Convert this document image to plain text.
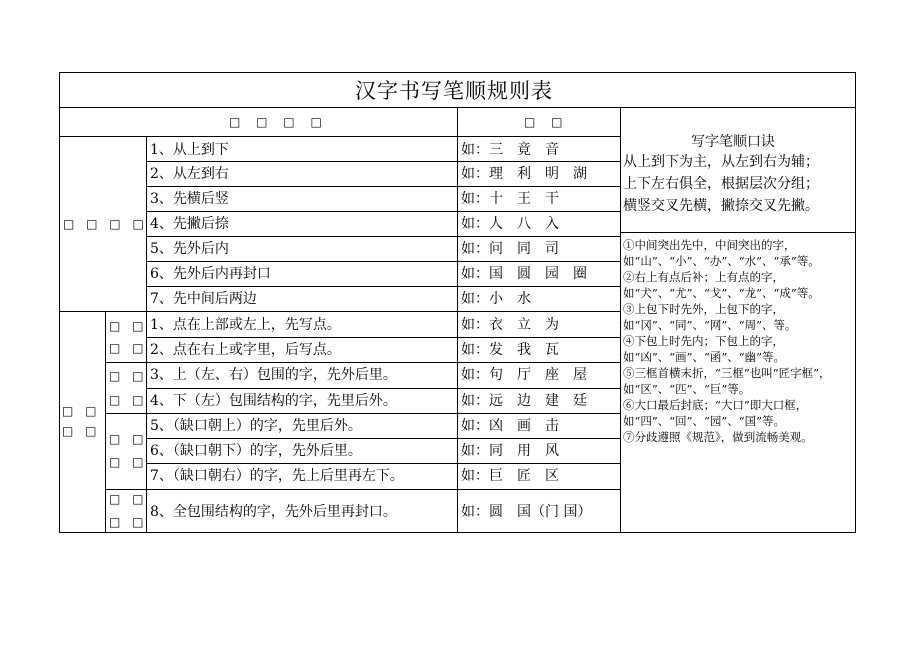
汉字书写笔顺规则表
□ □ □ □	□ □
□ □ □ □
□ □
□ □
□ □
□ □
□ □
□ □
□ □
□ □
□ □
□ □
1、从上到下	如：三　竟　音
2、从左到右	如：理　利　明　湖
3、先横后竖	如：十　王　干
4、先撇后捺	如：人　八　入
5、先外后内	如：问　同　司
6、先外后内再封口	如：国　圆　园　圈
7、先中间后两边	如：小　水
1、点在上部或左上，先写点。	如：衣　立　为
2、点在右上或字里，后写点。	如：发　我　瓦
3、上（左、右）包围的字，先外后里。	如：句　厅　座　屋
4、下（左）包围结构的字，先里后外。	如：远　边　建　廷
5、（缺口朝上）的字，先里后外。	如：凶　画　击
6、（缺口朝下）的字，先外后里。	如：同　用　风
7、（缺口朝右）的字，先上后里再左下。	如：巨　匠　区
8、全包围结构的字，先外后里再封口。	如：圆　国（门 国）
写字笔顺口诀
从上到下为主，从左到右为辅；
上下左右俱全，根据层次分组；
横竖交叉先横，撇捺交叉先撇。
①中间突出先中，中间突出的字，如“山”、“小”、“办”、“水”、“承”等。
②右上有点后补；上有点的字，如“犬”、“尤”、“戈”、“龙”、“成”等。
③上包下时先外，上包下的字，如“冈”、“同”、“网”、“周”、等。
④下包上时先内；下包上的字，如“凶”、“画”、“函”、“幽”等。
⑤三框首横末折，“三框”也叫“匠字框”，如“区”、“匹”、“巨”等。
⑥大口最后封底；“大口”即大口框，如“四”、“回”、“园”、“国”等。
⑦分歧遵照《规范》，做到流畅美观。
